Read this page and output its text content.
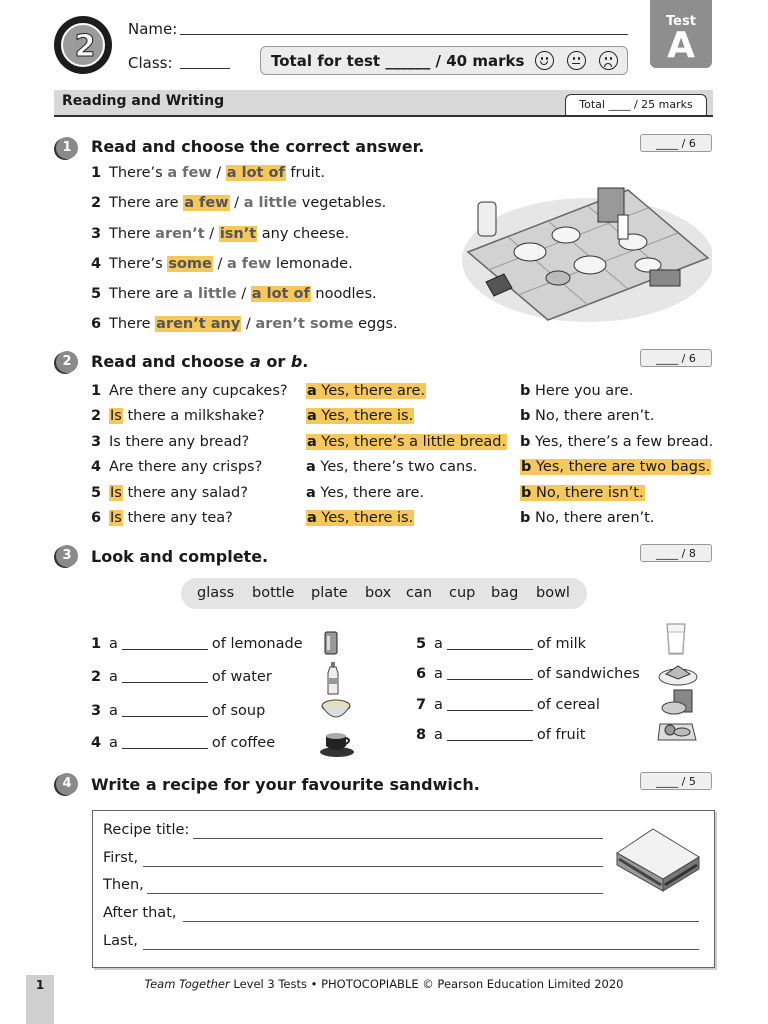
2	Name:
Class:	Total for test ______ / 40 marks
Test
A
Reading and Writing	Total ____ / 25 marks
1	Read and choose the correct answer.	____ / 6
1 There’s a few / a lot of fruit.
2 There are a few / a little vegetables.
3 There aren’t / isn’t any cheese.
4 There’s some / a few lemonade.
5 There are a little / a lot of noodles.
6 There aren’t any / aren’t some eggs.
2	Read and choose a or b.	____ / 6
1 Are there any cupcakes? a Yes, there are.	b Here you are.
2 Is there a milkshake?	a Yes, there is.	b No, there aren’t.
3 Is there any bread?	a Yes, there’s a little bread. b Yes, there’s a few bread.
4 Are there any crisps?	a Yes, there’s two cans.	b Yes, there are two bags.
5 Is there any salad?	a Yes, there are.	b No, there isn’t.
6 Is there any tea?	a Yes, there is.	b No, there aren’t.
3	Look and complete.	____ / 8
glass bottle plate box can cup bag bowl
1 a	of lemonade
2 a	of water
3 a	of soup
4 a	of coffee
5 a	of milk
6 a	of sandwiches
7 a	of cereal
8 a	of fruit
4	Write a recipe for your favourite sandwich.	____ / 5
Recipe title:
First,
Then,
After that,
Last,
1	Team Together Level 3 Tests • PHOTOCOPIABLE © Pearson Education Limited 2020
